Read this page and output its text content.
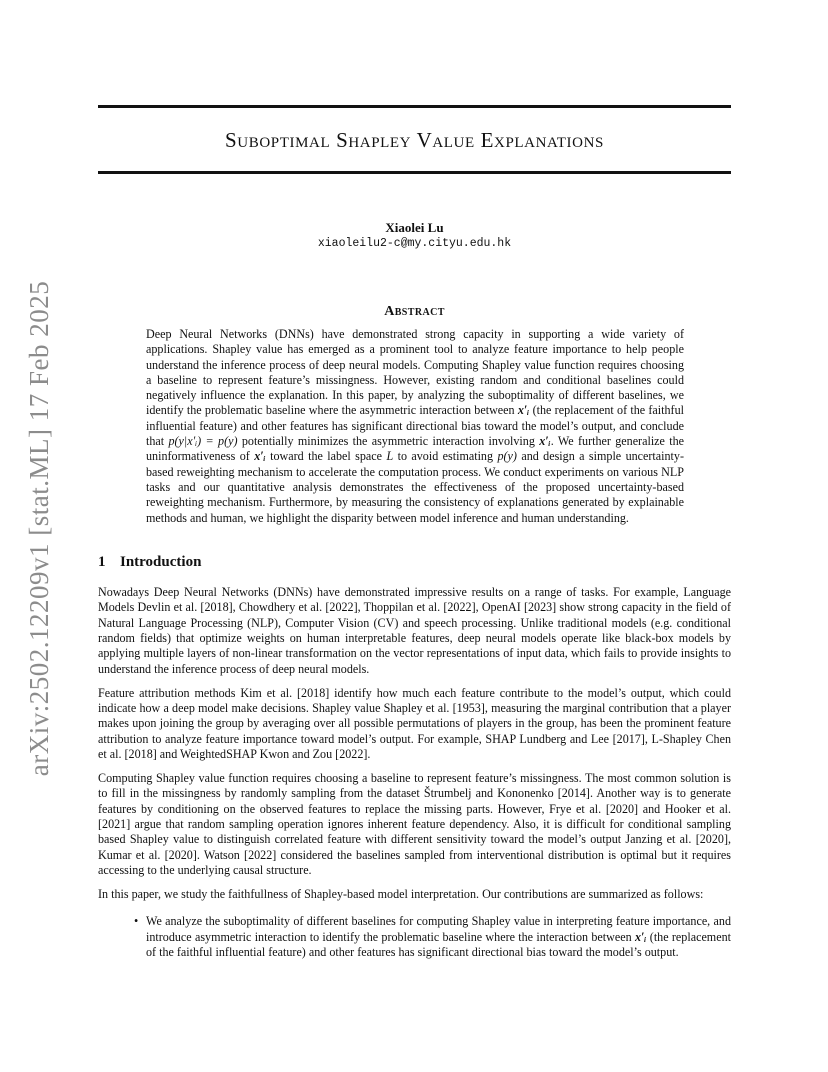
arXiv:2502.12209v1 [stat.ML] 17 Feb 2025
Suboptimal Shapley Value Explanations
Xiaolei Lu
xiaoleilu2-c@my.cityu.edu.hk
Abstract
Deep Neural Networks (DNNs) have demonstrated strong capacity in supporting a wide variety of applications. Shapley value has emerged as a prominent tool to analyze feature importance to help people understand the inference process of deep neural models. Computing Shapley value function requires choosing a baseline to represent feature’s missingness. However, existing random and conditional baselines could negatively influence the explanation. In this paper, by analyzing the suboptimality of different baselines, we identify the problematic baseline where the asymmetric interaction between x′ᵢ (the replacement of the faithful influential feature) and other features has significant directional bias toward the model’s output, and conclude that p(y|x′ᵢ) = p(y) potentially minimizes the asymmetric interaction involving x′ᵢ. We further generalize the uninformativeness of x′ᵢ toward the label space L to avoid estimating p(y) and design a simple uncertainty-based reweighting mechanism to accelerate the computation process. We conduct experiments on various NLP tasks and our quantitative analysis demonstrates the effectiveness of the proposed uncertainty-based reweighting mechanism. Furthermore, by measuring the consistency of explanations generated by explainable methods and human, we highlight the disparity between model inference and human understanding.
1 Introduction

Nowadays Deep Neural Networks (DNNs) have demonstrated impressive results on a range of tasks. For example, Language Models Devlin et al. [2018], Chowdhery et al. [2022], Thoppilan et al. [2022], OpenAI [2023] show strong capacity in the field of Natural Language Processing (NLP), Computer Vision (CV) and speech processing. Unlike traditional models (e.g. conditional random fields) that optimize weights on human interpretable features, deep neural models operate like black-box models by applying multiple layers of non-linear transformation on the vector representations of input data, which fails to provide insights to understand the inference process of deep neural models.

Feature attribution methods Kim et al. [2018] identify how much each feature contribute to the model’s output, which could indicate how a deep model make decisions. Shapley value Shapley et al. [1953], measuring the marginal contribution that a player makes upon joining the group by averaging over all possible permutations of players in the group, has been the prominent feature attribution to analyze feature importance toward model’s output. For example, SHAP Lundberg and Lee [2017], L-Shapley Chen et al. [2018] and WeightedSHAP Kwon and Zou [2022].

Computing Shapley value function requires choosing a baseline to represent feature’s missingness. The most common solution is to fill in the missingness by randomly sampling from the dataset Štrumbelj and Kononenko [2014]. Another way is to generate features by conditioning on the observed features to replace the missing parts. However, Frye et al. [2020] and Hooker et al. [2021] argue that random sampling operation ignores inherent feature dependency. Also, it is difficult for conditional sampling based Shapley value to distinguish correlated feature with different sensitivity toward the model’s output Janzing et al. [2020], Kumar et al. [2020]. Watson [2022] considered the baselines sampled from interventional distribution is optimal but it requires accessing to the underlying causal structure.

In this paper, we study the faithfullness of Shapley-based model interpretation. Our contributions are summarized as follows:

• We analyze the suboptimality of different baselines for computing Shapley value in interpreting feature importance, and introduce asymmetric interaction to identify the problematic baseline where the interaction between x′ᵢ (the replacement of the faithful influential feature) and other features has significant directional bias toward the model’s output.
